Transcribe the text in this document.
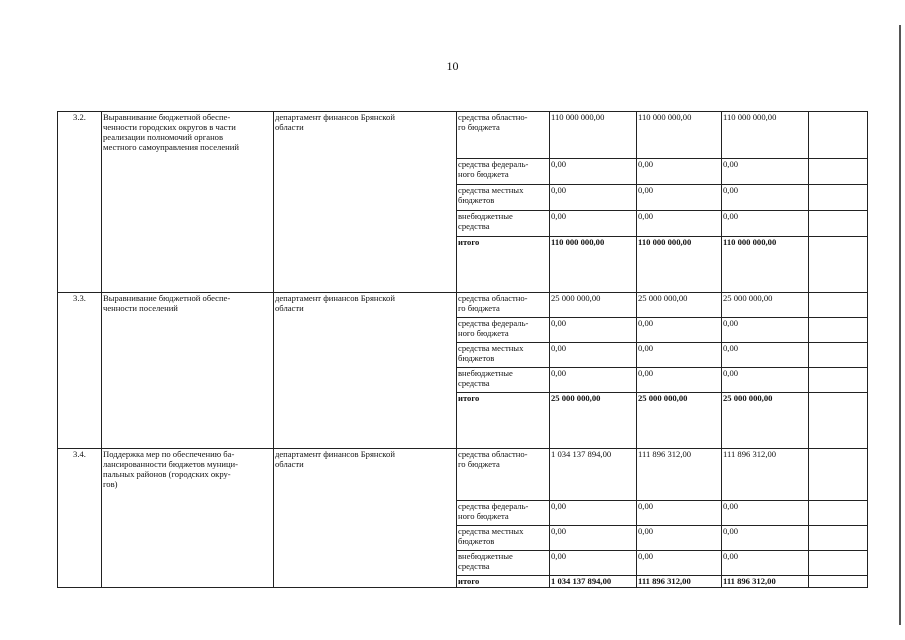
10
3.2.	Выравнивание бюджетной обеспе-
ченности городских округов в части
реализации полномочий органов
местного самоуправления поселений	департамент финансов Брянской
области	средства областно-
го бюджета	110 000 000,00	110 000 000,00	110 000 000,00	
			средства федераль-
ного бюджета	0,00	0,00	0,00	
			средства местных
бюджетов	0,00	0,00	0,00	
			внебюджетные
средства	0,00	0,00	0,00	
			итого	110 000 000,00	110 000 000,00	110 000 000,00	
3.3.	Выравнивание бюджетной обеспе-
ченности поселений	департамент финансов Брянской
области	средства областно-
го бюджета	25 000 000,00	25 000 000,00	25 000 000,00	
			средства федераль-
ного бюджета	0,00	0,00	0,00	
			средства местных
бюджетов	0,00	0,00	0,00	
			внебюджетные
средства	0,00	0,00	0,00	
			итого	25 000 000,00	25 000 000,00	25 000 000,00	
3.4.	Поддержка мер по обеспечению ба-
лансированности бюджетов муници-
пальных районов (городских окру-
гов)	департамент финансов Брянской
области	средства областно-
го бюджета	1 034 137 894,00	111 896 312,00	111 896 312,00	
			средства федераль-
ного бюджета	0,00	0,00	0,00	
			средства местных
бюджетов	0,00	0,00	0,00	
			внебюджетные
средства	0,00	0,00	0,00	
			итого	1 034 137 894,00	111 896 312,00	111 896 312,00	
